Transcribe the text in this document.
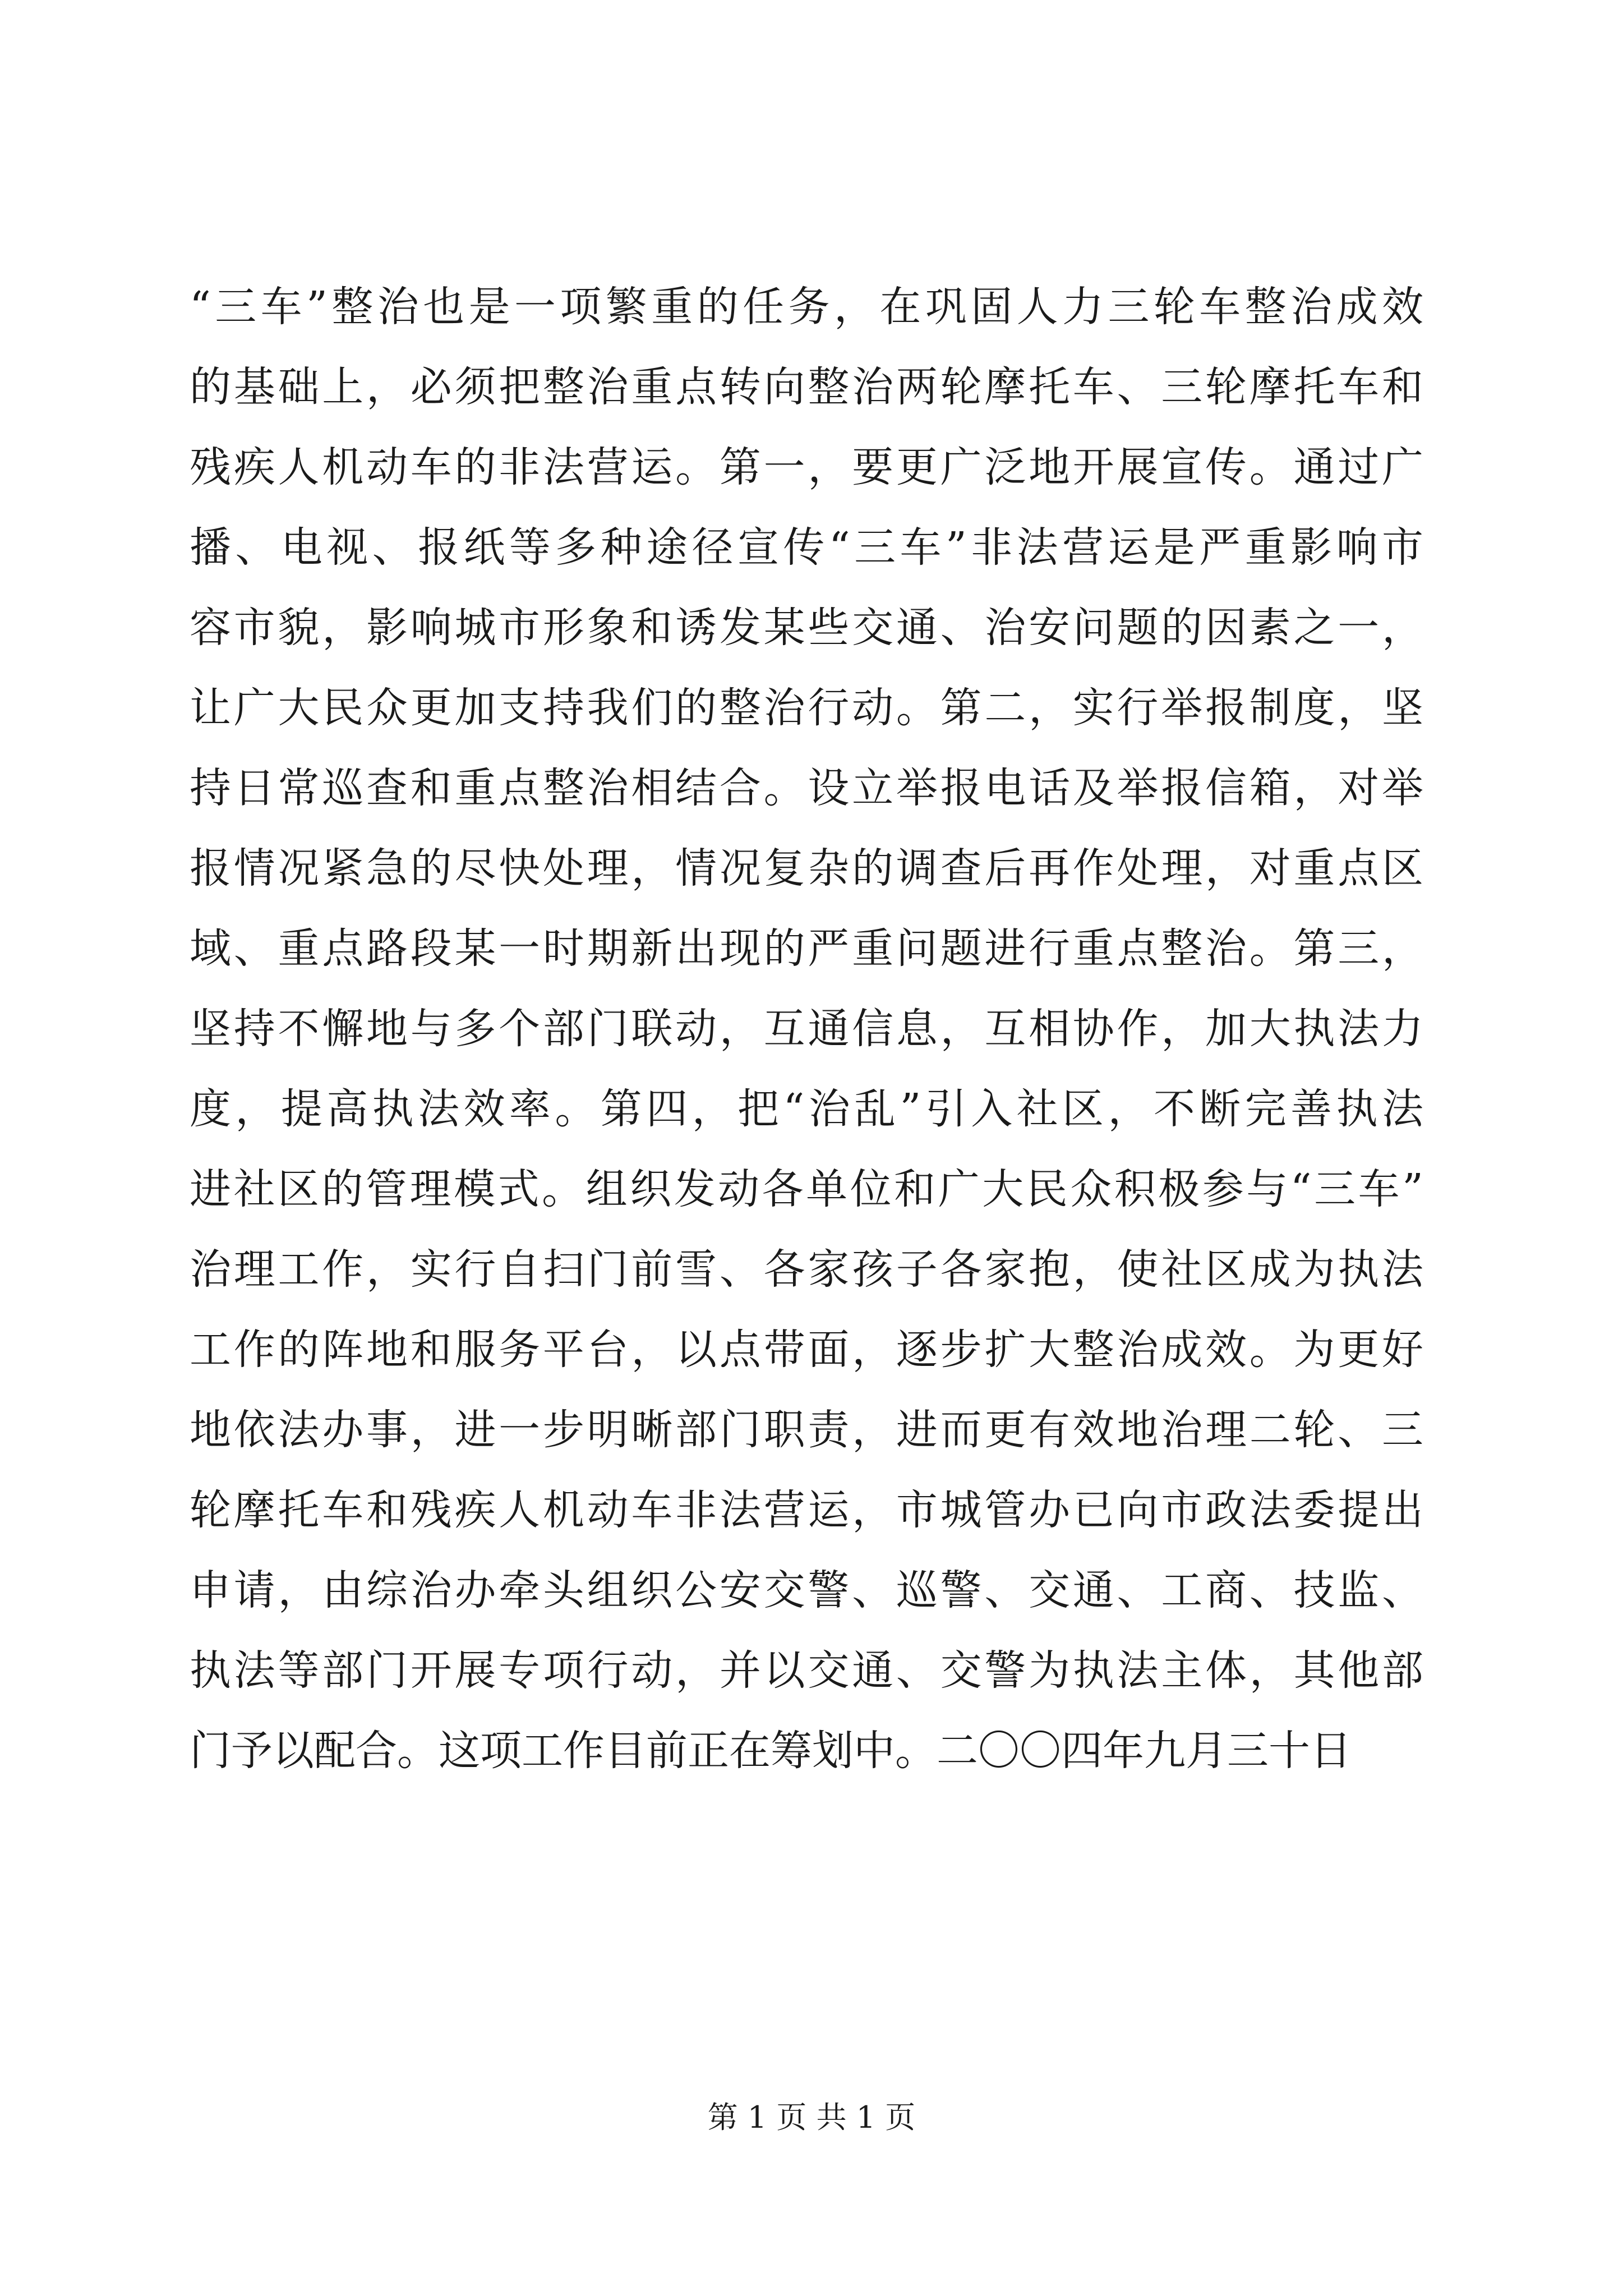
“三车”整治也是一项繁重的任务，在巩固人力三轮车整治成效
的基础上，必须把整治重点转向整治两轮摩托车、三轮摩托车和
残疾人机动车的非法营运。第一，要更广泛地开展宣传。通过广
播、电视、报纸等多种途径宣传“三车”非法营运是严重影响市
容市貌，影响城市形象和诱发某些交通、治安问题的因素之一，
让广大民众更加支持我们的整治行动。第二，实行举报制度，坚
持日常巡查和重点整治相结合。设立举报电话及举报信箱，对举
报情况紧急的尽快处理，情况复杂的调查后再作处理，对重点区
域、重点路段某一时期新出现的严重问题进行重点整治。第三，
坚持不懈地与多个部门联动，互通信息，互相协作，加大执法力
度，提高执法效率。第四，把“治乱”引入社区，不断完善执法
进社区的管理模式。组织发动各单位和广大民众积极参与“三车”
治理工作，实行自扫门前雪、各家孩子各家抱，使社区成为执法
工作的阵地和服务平台，以点带面，逐步扩大整治成效。为更好
地依法办事，进一步明晰部门职责，进而更有效地治理二轮、三
轮摩托车和残疾人机动车非法营运，市城管办已向市政法委提出
申请，由综治办牵头组织公安交警、巡警、交通、工商、技监、
执法等部门开展专项行动，并以交通、交警为执法主体，其他部
门予以配合。这项工作目前正在筹划中。二〇〇四年九月三十日
第 1 页 共 1 页
